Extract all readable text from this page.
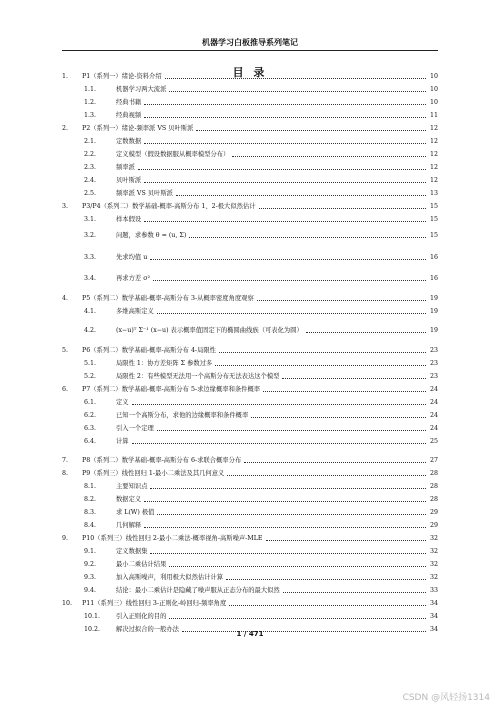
机器学习白板推导系列笔记
目 录
1. P1（系列一）绪论-资料介绍	10
1.1.	机器学习两大流派	10
1.2.	经典书籍	10
1.3.	经典视频	11
2. P2（系列一）绪论-频率派 VS 贝叶斯派	12
2.1.	定数数据	12
2.2.	定义模型（假设数据服从概率模型分布）	12
2.3.	频率派	12
2.4.	贝叶斯派	12
2.5.	频率派 VS 贝叶斯派	13
3. P3/P4（系列二）数学基础-概率-高斯分布 1、2-极大似然估计	15
3.1.	样本假设	15
3.2.	问题，求参数 θ = (u, Σ)	15
3.3.	先求均值 u	16
3.4.	再求方差 σ²	16
4. P5（系列二）数学基础-概率-高斯分布 3-从概率密度角度观察	19
4.1.	多维高斯定义	19
4.2.	(x−u)ᵀ Σ⁻¹ (x−u) 表示概率值固定下的椭圆曲线族（可表化为圆）	19
5. P6（系列二）数学基础-概率-高斯分布 4-局限性	23
5.1.	局限性 1：协方差矩阵 Σ 参数过多	23
5.2.	局限性 2：有些模型无法用一个高斯分布无法表达这个模型	23
6. P7（系列二）数学基础-概率-高斯分布 5-求边缘概率和条件概率	24
6.1.	定义	24
6.2.	已知一个高斯分布，求他的边缘概率和条件概率	24
6.3.	引入一个定理	24
6.4.	计算	25
7. P8（系列二）数学基础-概率-高斯分布 6-求联合概率分布	27
8. P9（系列三）线性回归 1-最小二乘法及其几何意义	28
8.1.	主要知识点	28
8.2.	数据定义	28
8.3.	求 L(W) 极值	29
8.4.	几何解释	29
9. P10（系列三）线性回归 2-最小二乘法-概率视角-高斯噪声-MLE	32
9.1.	定义数据集	32
9.2.	最小二乘估计结果	32
9.3.	加入高斯噪声，利用极大似然估计计算	32
9.4.	结论：最小二乘估计是隐藏了噪声服从正态分布的最大似然	33
10. P11（系列三）线性回归 3-正则化-岭回归-频率角度	34
10.1.	引入正则化的目的	34
10.2.	解决过拟合的一般办法	34
1 / 471
CSDN @风轻扬1314
